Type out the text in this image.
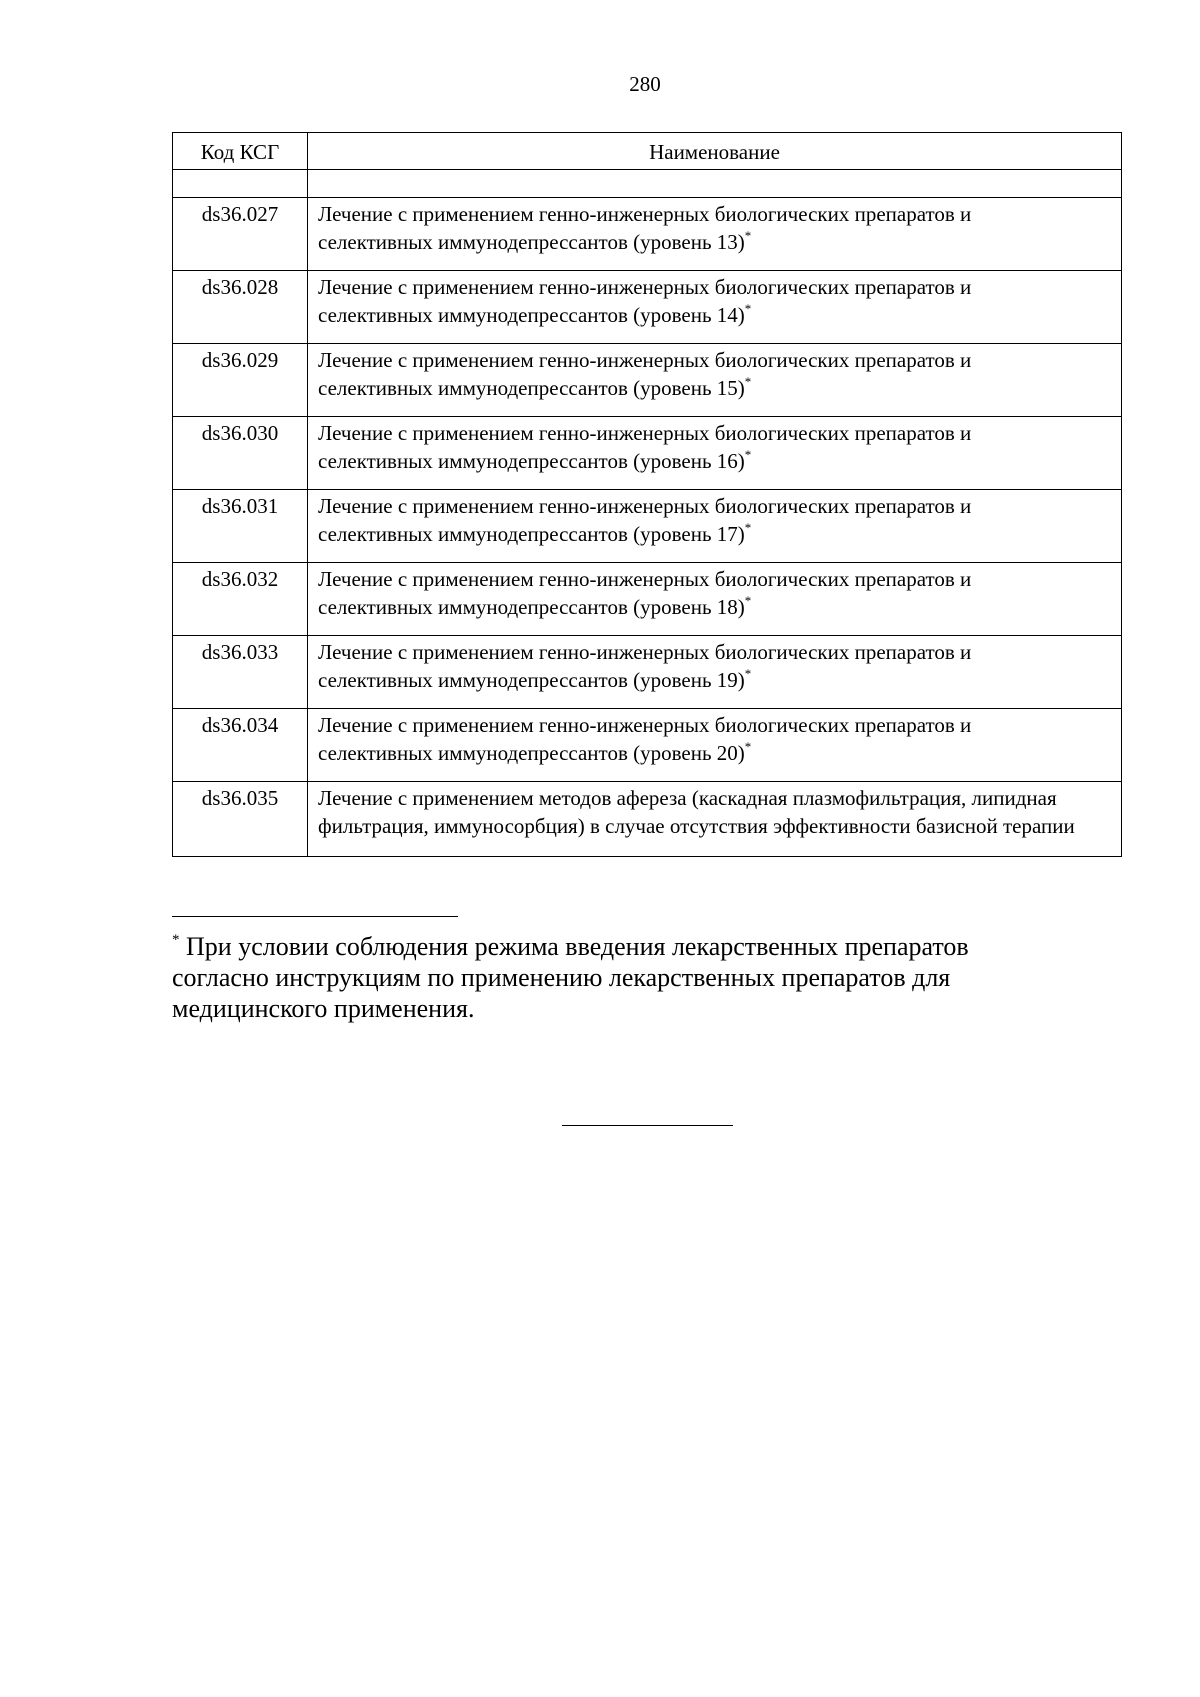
280
Код КСГ	Наименование

ds36.027	Лечение с применением генно-инженерных биологических препаратов и селективных иммунодепрессантов (уровень 13)*
ds36.028	Лечение с применением генно-инженерных биологических препаратов и селективных иммунодепрессантов (уровень 14)*
ds36.029	Лечение с применением генно-инженерных биологических препаратов и селективных иммунодепрессантов (уровень 15)*
ds36.030	Лечение с применением генно-инженерных биологических препаратов и селективных иммунодепрессантов (уровень 16)*
ds36.031	Лечение с применением генно-инженерных биологических препаратов и селективных иммунодепрессантов (уровень 17)*
ds36.032	Лечение с применением генно-инженерных биологических препаратов и селективных иммунодепрессантов (уровень 18)*
ds36.033	Лечение с применением генно-инженерных биологических препаратов и селективных иммунодепрессантов (уровень 19)*
ds36.034	Лечение с применением генно-инженерных биологических препаратов и селективных иммунодепрессантов (уровень 20)*
ds36.035	Лечение с применением методов афереза (каскадная плазмофильтрация, липидная фильтрация, иммуносорбция) в случае отсутствия эффективности базисной терапии
* При условии соблюдения режима введения лекарственных препаратов согласно инструкциям по применению лекарственных препаратов для медицинского применения.
